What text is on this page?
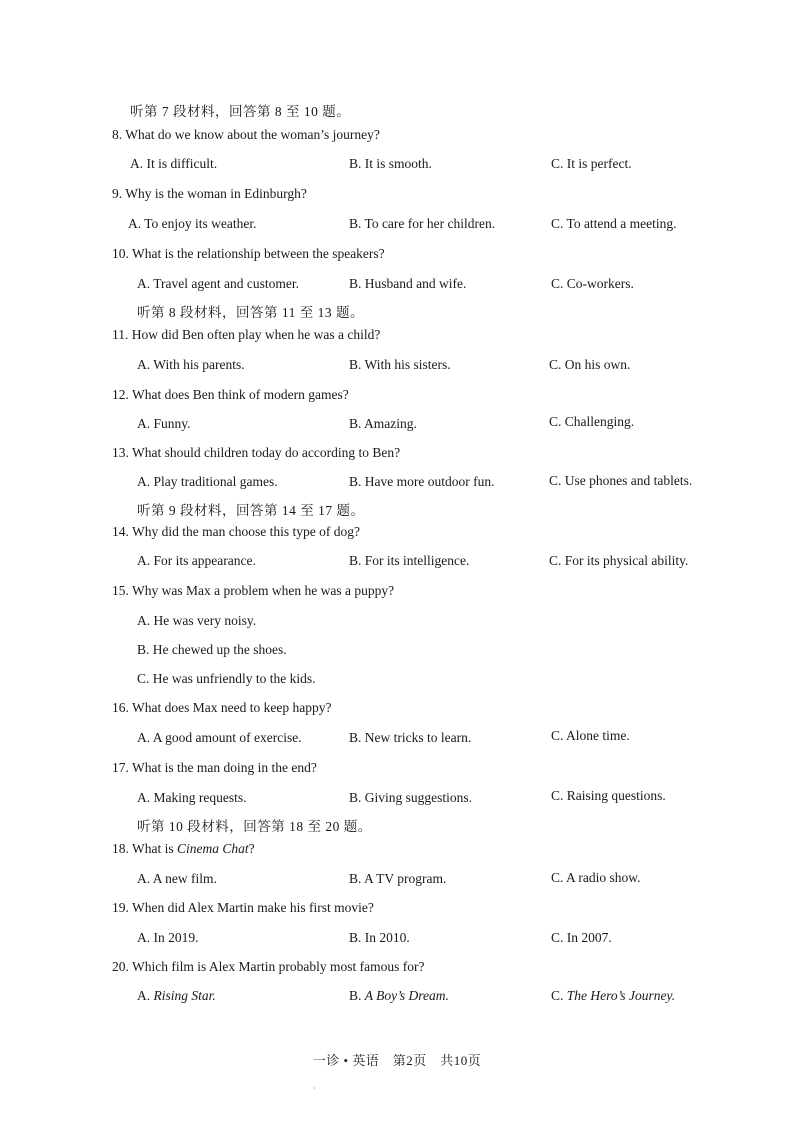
听第 7 段材料，回答第 8 至 10 题。
8. What do we know about the woman’s journey?
A. It is difficult.	B. It is smooth.	C. It is perfect.
9. Why is the woman in Edinburgh?
A. To enjoy its weather.	B. To care for her children.	C. To attend a meeting.
10. What is the relationship between the speakers?
A. Travel agent and customer.	B. Husband and wife.	C. Co-workers.
听第 8 段材料，回答第 11 至 13 题。
11. How did Ben often play when he was a child?
A. With his parents.	B. With his sisters.	C. On his own.
12. What does Ben think of modern games?
A. Funny.	B. Amazing.	C. Challenging.
13. What should children today do according to Ben?
A. Play traditional games.	B. Have more outdoor fun.	C. Use phones and tablets.
听第 9 段材料，回答第 14 至 17 题。
14. Why did the man choose this type of dog?
A. For its appearance.	B. For its intelligence.	C. For its physical ability.
15. Why was Max a problem when he was a puppy?
A. He was very noisy.
B. He chewed up the shoes.
C. He was unfriendly to the kids.
16. What does Max need to keep happy?
A. A good amount of exercise.	B. New tricks to learn.	C. Alone time.
17. What is the man doing in the end?
A. Making requests.	B. Giving suggestions.	C. Raising questions.
听第 10 段材料，回答第 18 至 20 题。
18. What is Cinema Chat?
A. A new film.	B. A TV program.	C. A radio show.
19. When did Alex Martin make his first movie?
A. In 2019.	B. In 2010.	C. In 2007.
20. Which film is Alex Martin probably most famous for?
A. Rising Star.	B. A Boy’s Dream.	C. The Hero’s Journey.
一诊 • 英语　第2页　共10页
·
